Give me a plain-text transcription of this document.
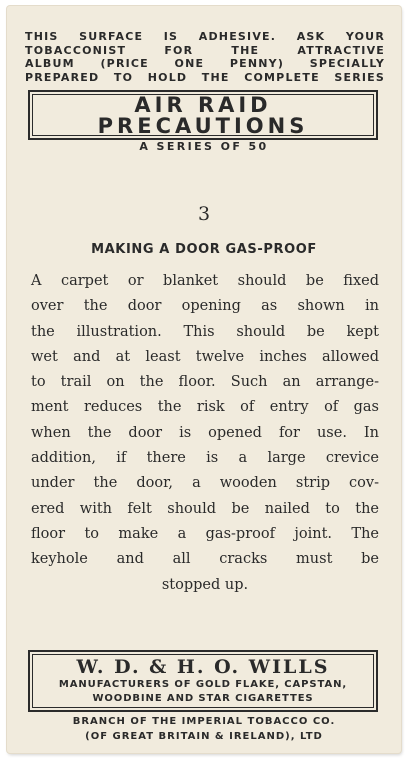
THIS SURFACE IS ADHESIVE. ASK YOUR
TOBACCONIST FOR THE ATTRACTIVE
ALBUM (PRICE ONE PENNY) SPECIALLY
PREPARED TO HOLD THE COMPLETE SERIES
AIR RAID
PRECAUTIONS
A SERIES OF 50
3
MAKING A DOOR GAS-PROOF
A carpet or blanket should be fixed
over the door opening as shown in
the illustration. This should be kept
wet and at least twelve inches allowed
to trail on the floor. Such an arrange-
ment reduces the risk of entry of gas
when the door is opened for use. In
addition, if there is a large crevice
under the door, a wooden strip cov-
ered with felt should be nailed to the
floor to make a gas-proof joint. The
keyhole and all cracks must be
stopped up.
W. D. & H. O. WILLS
MANUFACTURERS OF GOLD FLAKE, CAPSTAN,
WOODBINE AND STAR CIGARETTES
BRANCH OF THE IMPERIAL TOBACCO CO.
(OF GREAT BRITAIN & IRELAND), LTD
